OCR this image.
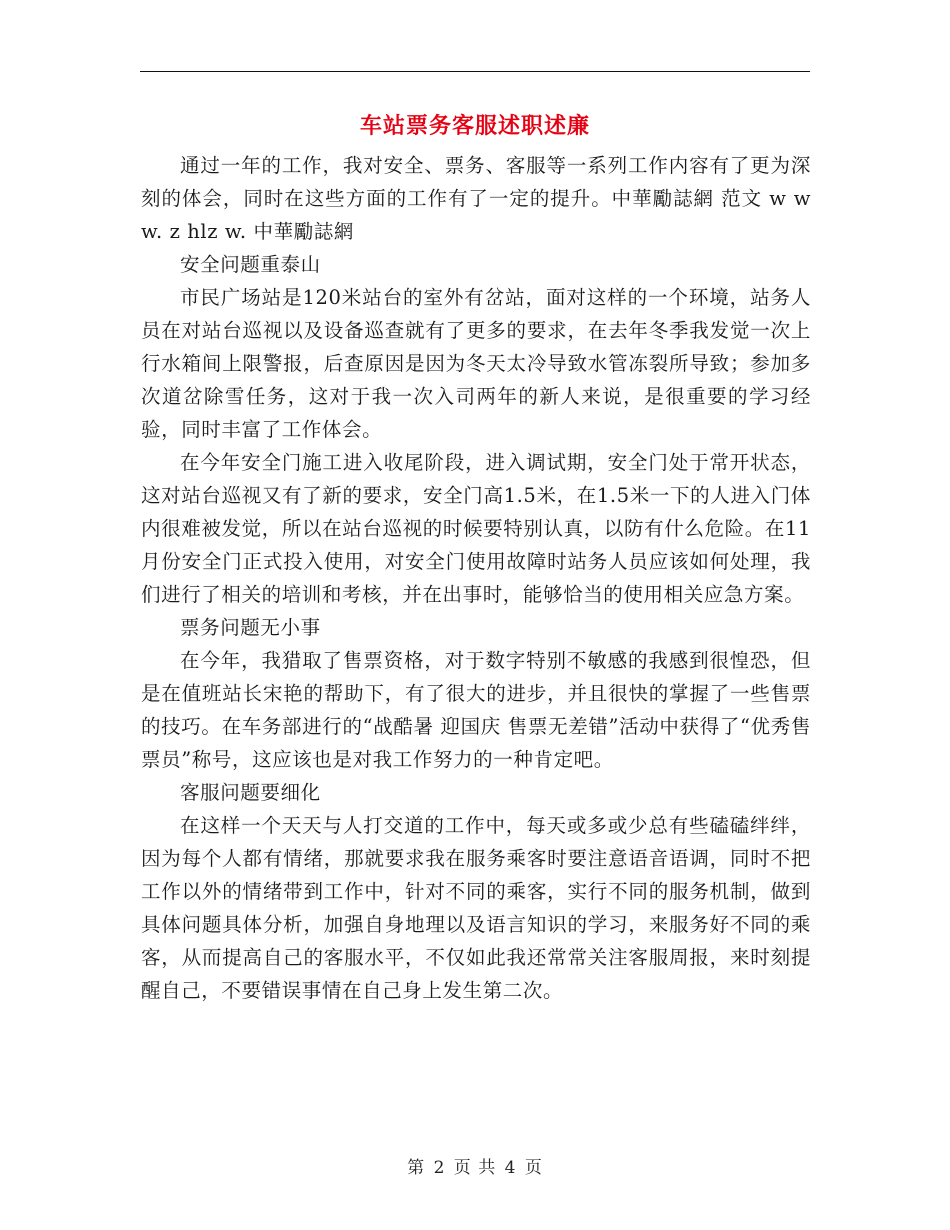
车站票务客服述职述廉

通过一年的工作，我对安全、票务、客服等一系列工作内容有了更为深刻的体会，同时在这些方面的工作有了一定的提升。中華勵誌網 范文 w ww. z hlz w. 中華勵誌網

安全问题重泰山

市民广场站是120米站台的室外有岔站，面对这样的一个环境，站务人员在对站台巡视以及设备巡查就有了更多的要求，在去年冬季我发觉一次上行水箱间上限警报，后查原因是因为冬天太冷导致水管冻裂所导致；参加多次道岔除雪任务，这对于我一次入司两年的新人来说，是很重要的学习经验，同时丰富了工作体会。

在今年安全门施工进入收尾阶段，进入调试期，安全门处于常开状态，这对站台巡视又有了新的要求，安全门高1.5米，在1.5米一下的人进入门体内很难被发觉，所以在站台巡视的时候要特别认真，以防有什么危险。在11月份安全门正式投入使用，对安全门使用故障时站务人员应该如何处理，我们进行了相关的培训和考核，并在出事时，能够恰当的使用相关应急方案。

票务问题无小事

在今年，我猎取了售票资格，对于数字特别不敏感的我感到很惶恐，但是在值班站长宋艳的帮助下，有了很大的进步，并且很快的掌握了一些售票的技巧。在车务部进行的“战酷暑 迎国庆 售票无差错”活动中获得了“优秀售票员”称号，这应该也是对我工作努力的一种肯定吧。

客服问题要细化

在这样一个天天与人打交道的工作中，每天或多或少总有些磕磕绊绊，因为每个人都有情绪，那就要求我在服务乘客时要注意语音语调，同时不把工作以外的情绪带到工作中，针对不同的乘客，实行不同的服务机制，做到具体问题具体分析，加强自身地理以及语言知识的学习，来服务好不同的乘客，从而提高自己的客服水平，不仅如此我还常常关注客服周报，来时刻提醒自己，不要错误事情在自己身上发生第二次。

第 2 页 共 4 页
